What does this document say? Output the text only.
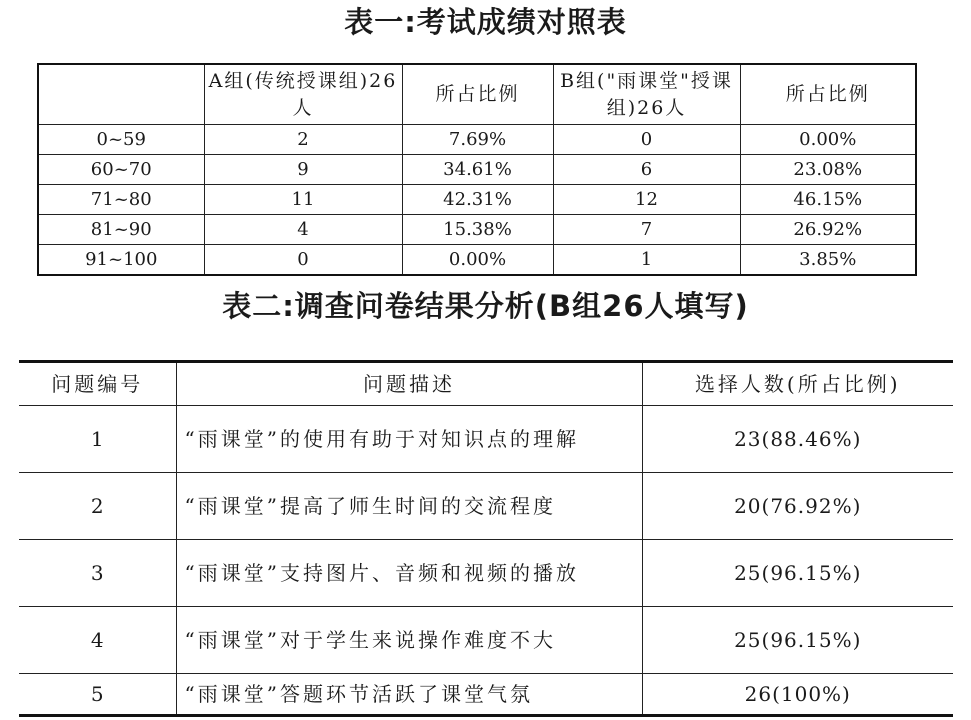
表一:考试成绩对照表
	A组(传统授课组)26人	所占比例	B组("雨课堂"授课组)26人	所占比例
0~59	2	7.69%	0	0.00%
60~70	9	34.61%	6	23.08%
71~80	11	42.31%	12	46.15%
81~90	4	15.38%	7	26.92%
91~100	0	0.00%	1	3.85%
表二:调查问卷结果分析(B组26人填写)
问题编号	问题描述	选择人数(所占比例)
1	“雨课堂”的使用有助于对知识点的理解	23(88.46%)
2	“雨课堂”提高了师生时间的交流程度	20(76.92%)
3	“雨课堂”支持图片、音频和视频的播放	25(96.15%)
4	“雨课堂”对于学生来说操作难度不大	25(96.15%)
5	“雨课堂”答题环节活跃了课堂气氛	26(100%)
